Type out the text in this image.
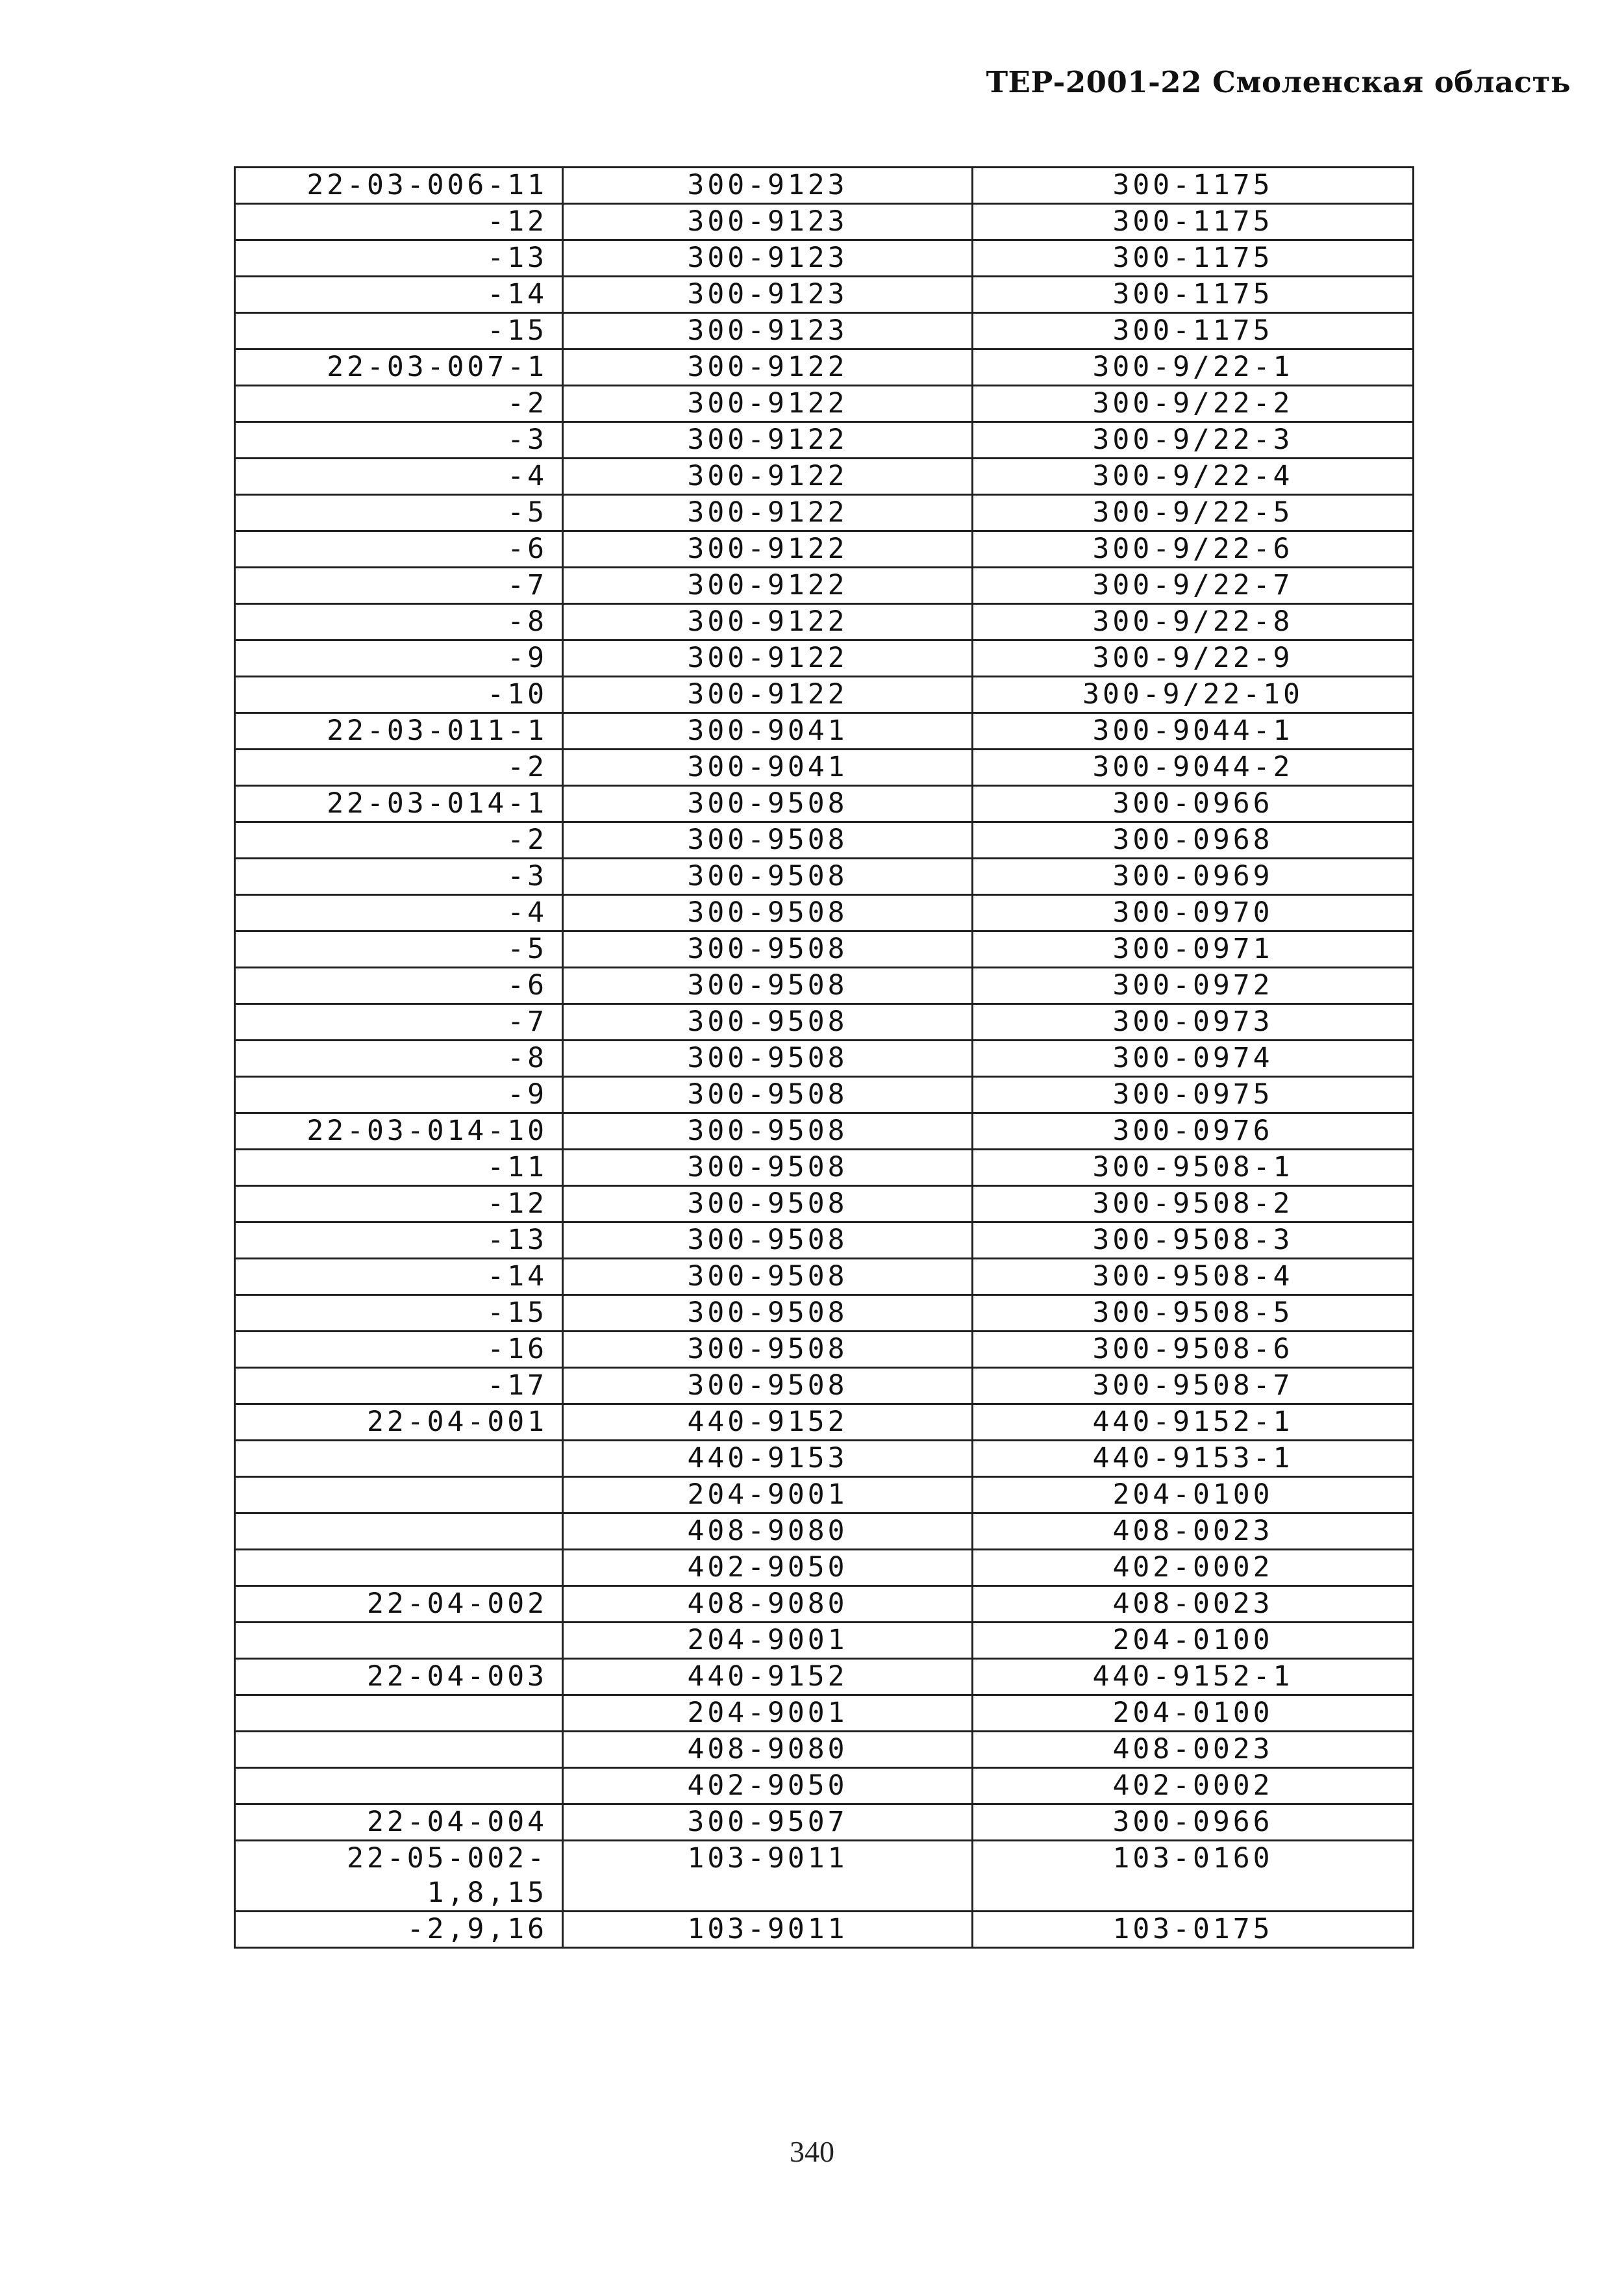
ТЕР-2001-22 Смоленская область
22-03-006-11	300-9123	300-1175
-12	300-9123	300-1175
-13	300-9123	300-1175
-14	300-9123	300-1175
-15	300-9123	300-1175
22-03-007-1	300-9122	300-9/22-1
-2	300-9122	300-9/22-2
-3	300-9122	300-9/22-3
-4	300-9122	300-9/22-4
-5	300-9122	300-9/22-5
-6	300-9122	300-9/22-6
-7	300-9122	300-9/22-7
-8	300-9122	300-9/22-8
-9	300-9122	300-9/22-9
-10	300-9122	300-9/22-10
22-03-011-1	300-9041	300-9044-1
-2	300-9041	300-9044-2
22-03-014-1	300-9508	300-0966
-2	300-9508	300-0968
-3	300-9508	300-0969
-4	300-9508	300-0970
-5	300-9508	300-0971
-6	300-9508	300-0972
-7	300-9508	300-0973
-8	300-9508	300-0974
-9	300-9508	300-0975
22-03-014-10	300-9508	300-0976
-11	300-9508	300-9508-1
-12	300-9508	300-9508-2
-13	300-9508	300-9508-3
-14	300-9508	300-9508-4
-15	300-9508	300-9508-5
-16	300-9508	300-9508-6
-17	300-9508	300-9508-7
22-04-001	440-9152	440-9152-1
	440-9153	440-9153-1
	204-9001	204-0100
	408-9080	408-0023
	402-9050	402-0002
22-04-002	408-9080	408-0023
	204-9001	204-0100
22-04-003	440-9152	440-9152-1
	204-9001	204-0100
	408-9080	408-0023
	402-9050	402-0002
22-04-004	300-9507	300-0966
22-05-002-
1,8,15	103-9011	103-0160
-2,9,16	103-9011	103-0175
340
